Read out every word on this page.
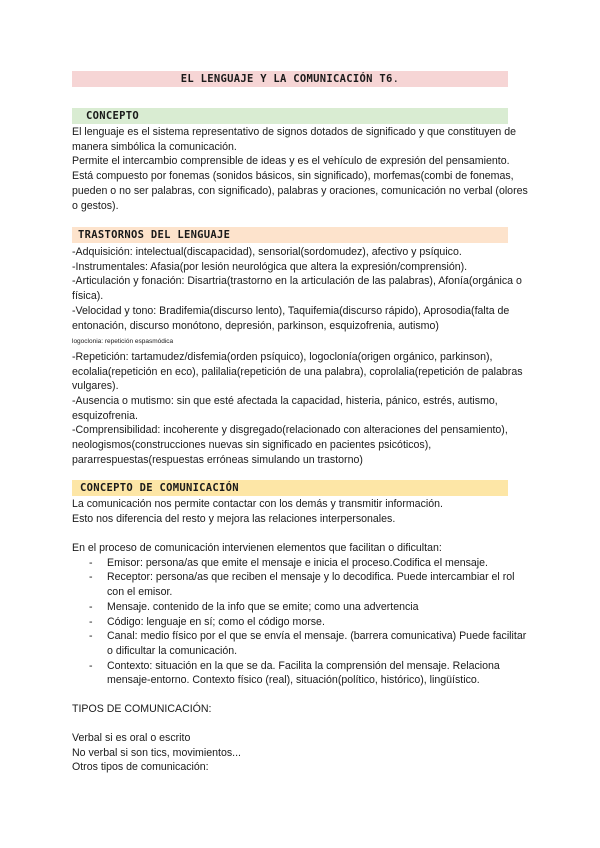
EL LENGUAJE Y LA COMUNICACIÓN T6.
CONCEPTO

El lenguaje es el sistema representativo de signos dotados de significado y que constituyen de manera simbólica la comunicación.

Permite el intercambio comprensible de ideas y es el vehículo de expresión del pensamiento.

Está compuesto por fonemas (sonidos básicos, sin significado), morfemas(combi de fonemas, pueden o no ser palabras, con significado), palabras y oraciones, comunicación no verbal (olores o gestos).

TRASTORNOS DEL LENGUAJE

-Adquisición: intelectual(discapacidad), sensorial(sordomudez), afectivo y psíquico.

-Instrumentales: Afasia(por lesión neurológica que altera la expresión/comprensión).

-Articulación y fonación: Disartria(trastorno en la articulación de las palabras), Afonía(orgánica o física).

-Velocidad y tono: Bradifemia(discurso lento), Taquifemia(discurso rápido), Aprosodia(falta de entonación, discurso monótono, depresión, parkinson, esquizofrenia, autismo) logoclonia: repetición espasmódica

-Repetición: tartamudez/disfemia(orden psíquico), logoclonía(origen orgánico, parkinson), ecolalia(repetición en eco), palilalia(repetición de una palabra), coprolalia(repetición de palabras vulgares).

-Ausencia o mutismo: sin que esté afectada la capacidad, histeria, pánico, estrés, autismo, esquizofrenia.

-Comprensibilidad: incoherente y disgregado(relacionado con alteraciones del pensamiento), neologismos(construcciones nuevas sin significado en pacientes psicóticos), pararrespuestas(respuestas erróneas simulando un trastorno)

CONCEPTO DE COMUNICACIÓN

La comunicación nos permite contactar con los demás y transmitir información.

Esto nos diferencia del resto y mejora las relaciones interpersonales.

En el proceso de comunicación intervienen elementos que facilitan o dificultan:

- Emisor: persona/as que emite el mensaje e inicia el proceso.Codifica el mensaje.
- Receptor: persona/as que reciben el mensaje y lo decodifica. Puede intercambiar el rol con el emisor.
- Mensaje. contenido de la info que se emite; como una advertencia
- Código: lenguaje en sí; como el código morse.
- Canal: medio físico por el que se envía el mensaje. (barrera comunicativa) Puede facilitar o dificultar la comunicación.
- Contexto: situación en la que se da. Facilita la comprensión del mensaje. Relaciona mensaje-entorno. Contexto físico (real), situación(político, histórico), lingüístico.
TIPOS DE COMUNICACIÓN:

Verbal si es oral o escrito

No verbal si son tics, movimientos...

Otros tipos de comunicación:
